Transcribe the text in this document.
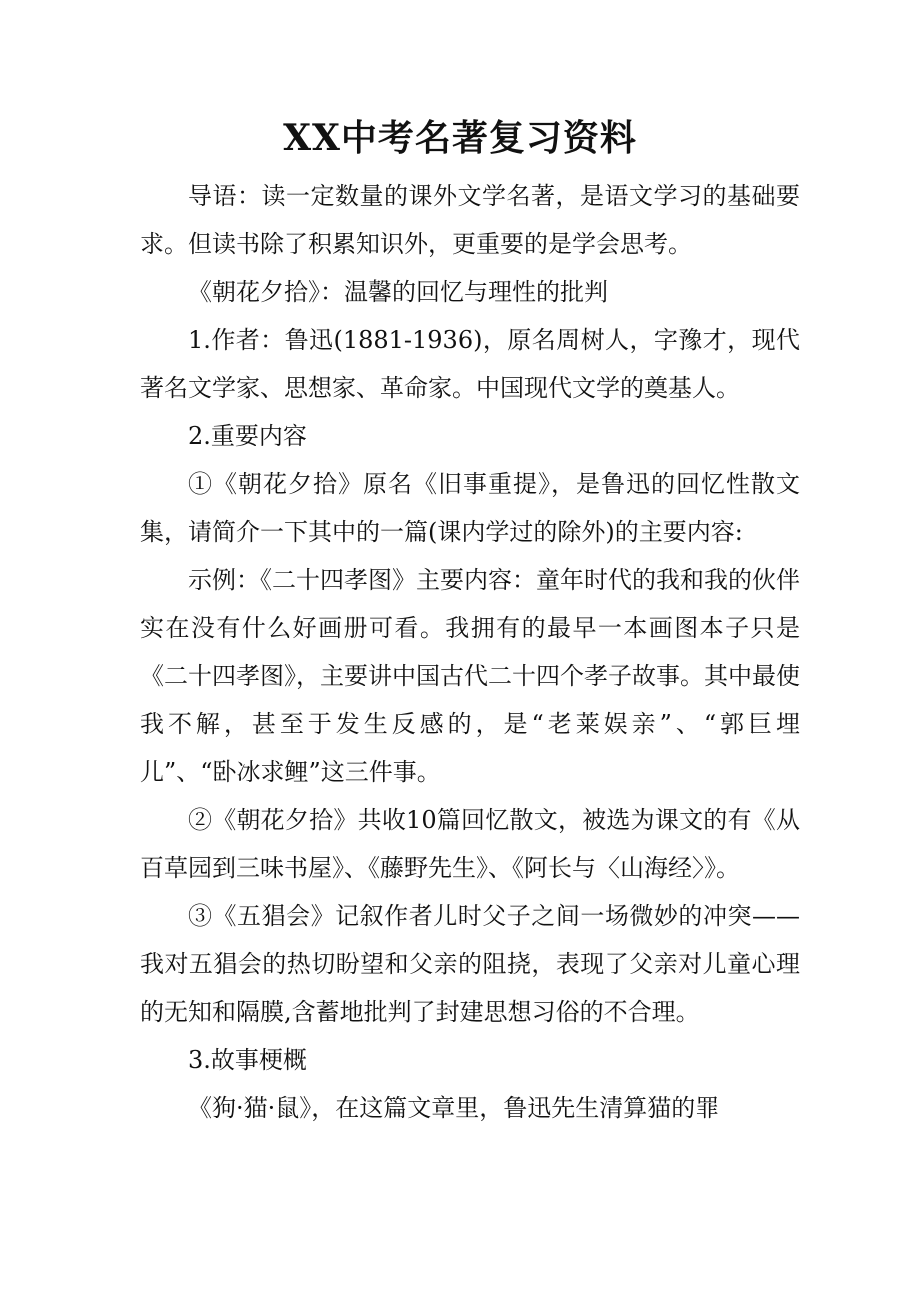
XX中考名著复习资料

导语：读一定数量的课外文学名著，是语文学习的基础要求。但读书除了积累知识外，更重要的是学会思考。

《朝花夕拾》：温馨的回忆与理性的批判

1.作者：鲁迅(1881-1936)，原名周树人，字豫才，现代著名文学家、思想家、革命家。中国现代文学的奠基人。

2.重要内容

①《朝花夕拾》原名《旧事重提》，是鲁迅的回忆性散文集，请简介一下其中的一篇(课内学过的除外)的主要内容:

示例：《二十四孝图》主要内容：童年时代的我和我的伙伴实在没有什么好画册可看。我拥有的最早一本画图本子只是《二十四孝图》，主要讲中国古代二十四个孝子故事。其中最使我不解，甚至于发生反感的，是“老莱娱亲”、“郭巨埋儿”、“卧冰求鲤”这三件事。

②《朝花夕拾》共收10篇回忆散文，被选为课文的有《从百草园到三味书屋》、《藤野先生》、《阿长与〈山海经〉》。

③《五猖会》记叙作者儿时父子之间一场微妙的冲突——我对五猖会的热切盼望和父亲的阻挠，表现了父亲对儿童心理的无知和隔膜,含蓄地批判了封建思想习俗的不合理。

3.故事梗概

《狗·猫·鼠》，在这篇文章里，鲁迅先生清算猫的罪
